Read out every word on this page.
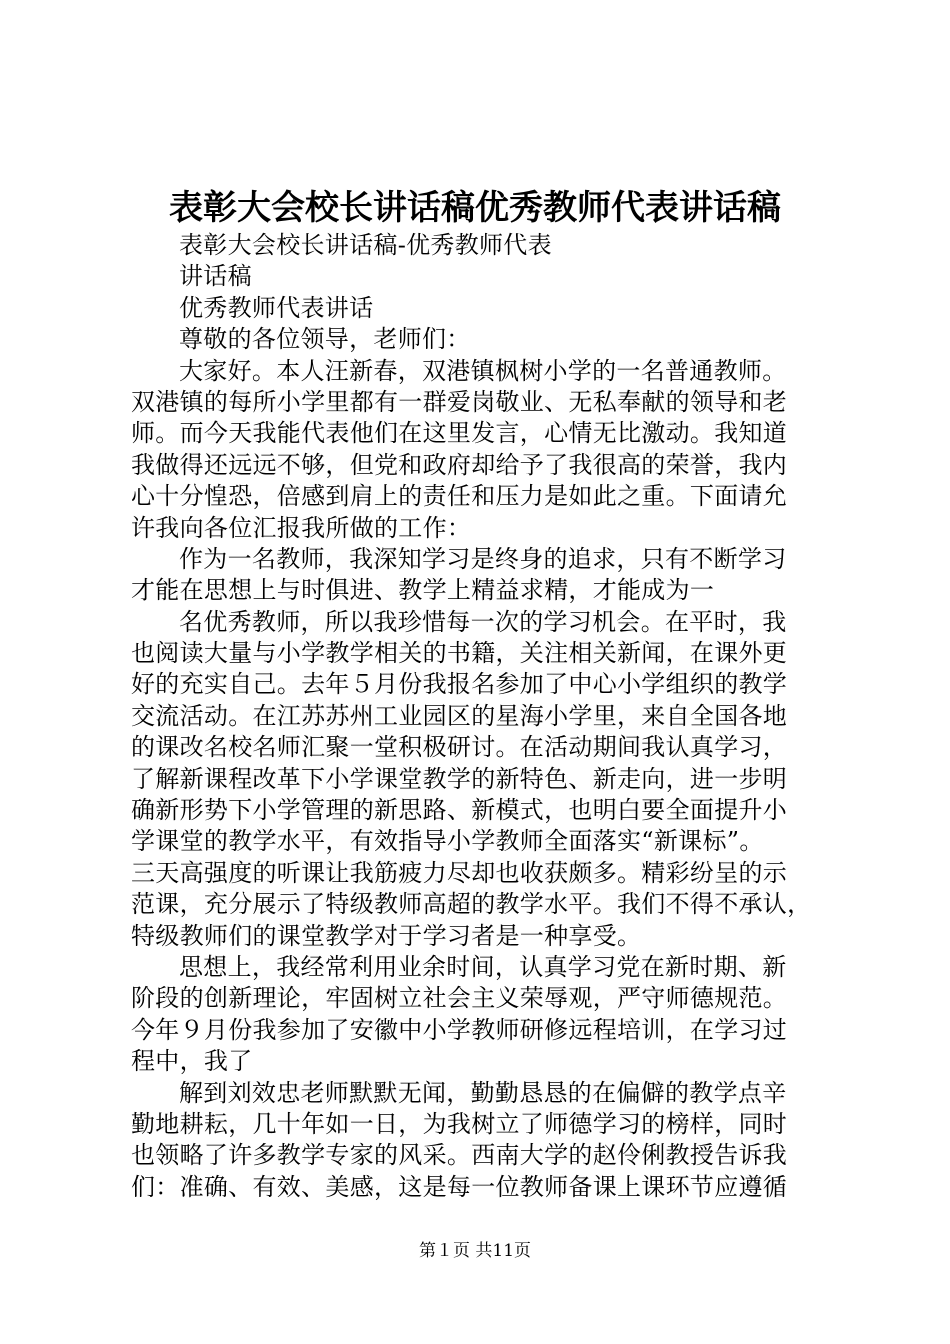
表彰大会校长讲话稿优秀教师代表讲话稿
表彰大会校长讲话稿-优秀教师代表
讲话稿
优秀教师代表讲话
尊敬的各位领导，老师们：
大家好。本人汪新春，双港镇枫树小学的一名普通教师。
双港镇的每所小学里都有一群爱岗敬业、无私奉献的领导和老
师。而今天我能代表他们在这里发言，心情无比激动。我知道
我做得还远远不够，但党和政府却给予了我很高的荣誉，我内
心十分惶恐，倍感到肩上的责任和压力是如此之重。下面请允
许我向各位汇报我所做的工作：
作为一名教师，我深知学习是终身的追求，只有不断学习
才能在思想上与时俱进、教学上精益求精，才能成为一
名优秀教师，所以我珍惜每一次的学习机会。在平时，我
也阅读大量与小学教学相关的书籍，关注相关新闻，在课外更
好的充实自己。去年５月份我报名参加了中心小学组织的教学
交流活动。在江苏苏州工业园区的星海小学里，来自全国各地
的课改名校名师汇聚一堂积极研讨。在活动期间我认真学习，
了解新课程改革下小学课堂教学的新特色、新走向，进一步明
确新形势下小学管理的新思路、新模式，也明白要全面提升小
学课堂的教学水平，有效指导小学教师全面落实“新课标”。
三天高强度的听课让我筋疲力尽却也收获颇多。精彩纷呈的示
范课，充分展示了特级教师高超的教学水平。我们不得不承认，
特级教师们的课堂教学对于学习者是一种享受。
思想上，我经常利用业余时间，认真学习党在新时期、新
阶段的创新理论，牢固树立社会主义荣辱观，严守师德规范。
今年９月份我参加了安徽中小学教师研修远程培训，在学习过
程中，我了
解到刘效忠老师默默无闻，勤勤恳恳的在偏僻的教学点辛
勤地耕耘，几十年如一日，为我树立了师德学习的榜样，同时
也领略了许多教学专家的风采。西南大学的赵伶俐教授告诉我
们：准确、有效、美感，这是每一位教师备课上课环节应遵循
第１页 共11页
